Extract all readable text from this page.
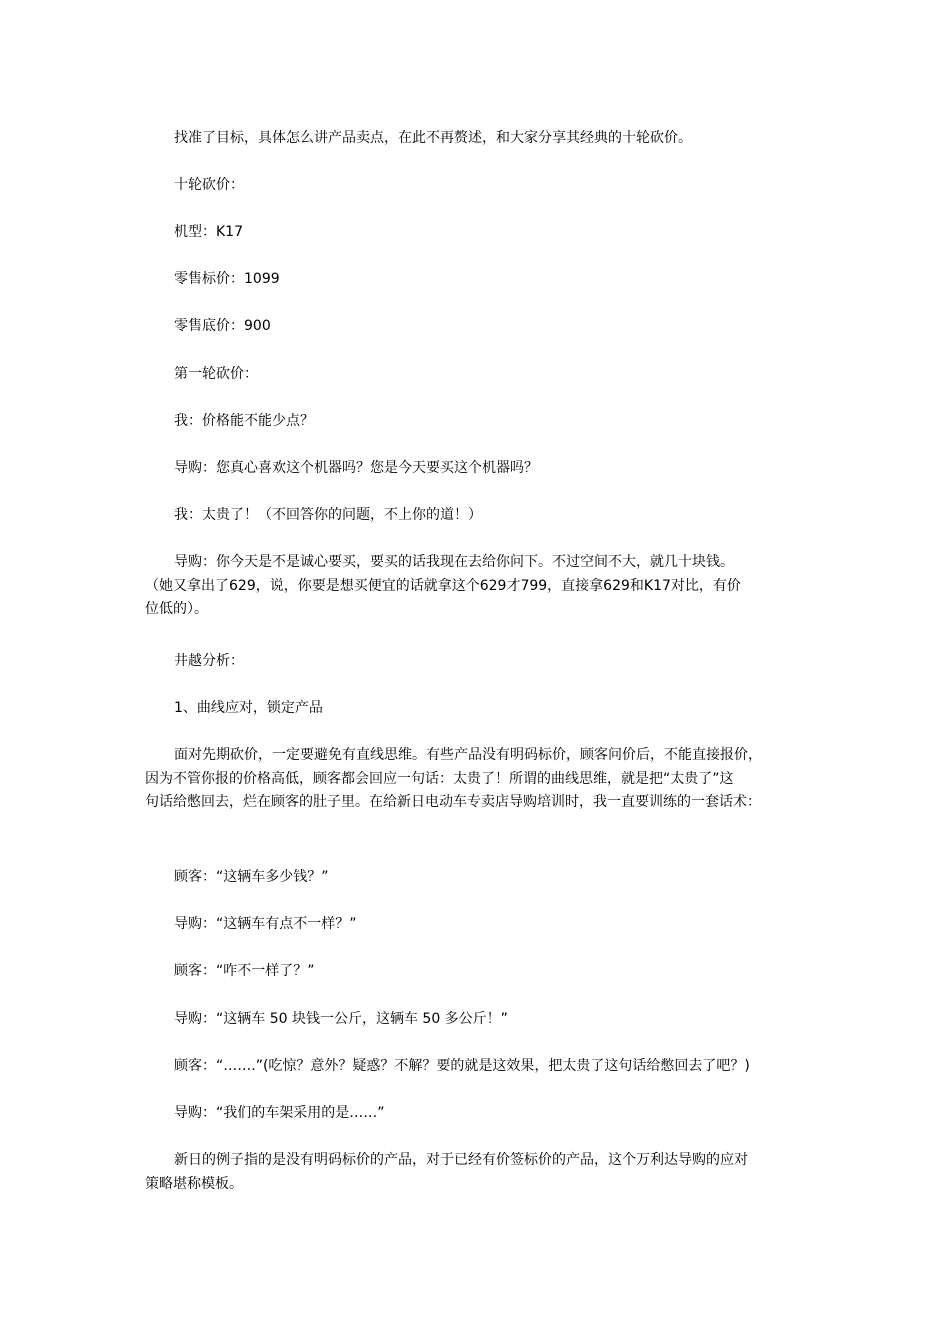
找准了目标，具体怎么讲产品卖点，在此不再赘述，和大家分享其经典的十轮砍价。

十轮砍价：

机型：K17

零售标价：1099

零售底价：900

第一轮砍价：

我：价格能不能少点？

导购：您真心喜欢这个机器吗？您是今天要买这个机器吗？

我：太贵了！（不回答你的问题，不上你的道！）

导购：你今天是不是诚心要买，要买的话我现在去给你问下。不过空间不大，就几十块钱。
（她又拿出了629，说，你要是想买便宜的话就拿这个629才799，直接拿629和K17对比，有价
位低的）。

井越分析：

1、曲线应对，锁定产品

面对先期砍价，一定要避免有直线思维。有些产品没有明码标价，顾客问价后，不能直接报价，
因为不管你报的价格高低，顾客都会回应一句话：太贵了！所谓的曲线思维，就是把“太贵了”这
句话给憋回去，烂在顾客的肚子里。在给新日电动车专卖店导购培训时，我一直要训练的一套话术：

顾客：“这辆车多少钱？”

导购：“这辆车有点不一样？”

顾客：“咋不一样了？”

导购：“这辆车 50 块钱一公斤，这辆车 50 多公斤！”

顾客：“…….”(吃惊？意外？疑惑？不解？要的就是这效果，把太贵了这句话给憋回去了吧？)

导购：“我们的车架采用的是……”

新日的例子指的是没有明码标价的产品，对于已经有价签标价的产品，这个万利达导购的应对
策略堪称模板。
